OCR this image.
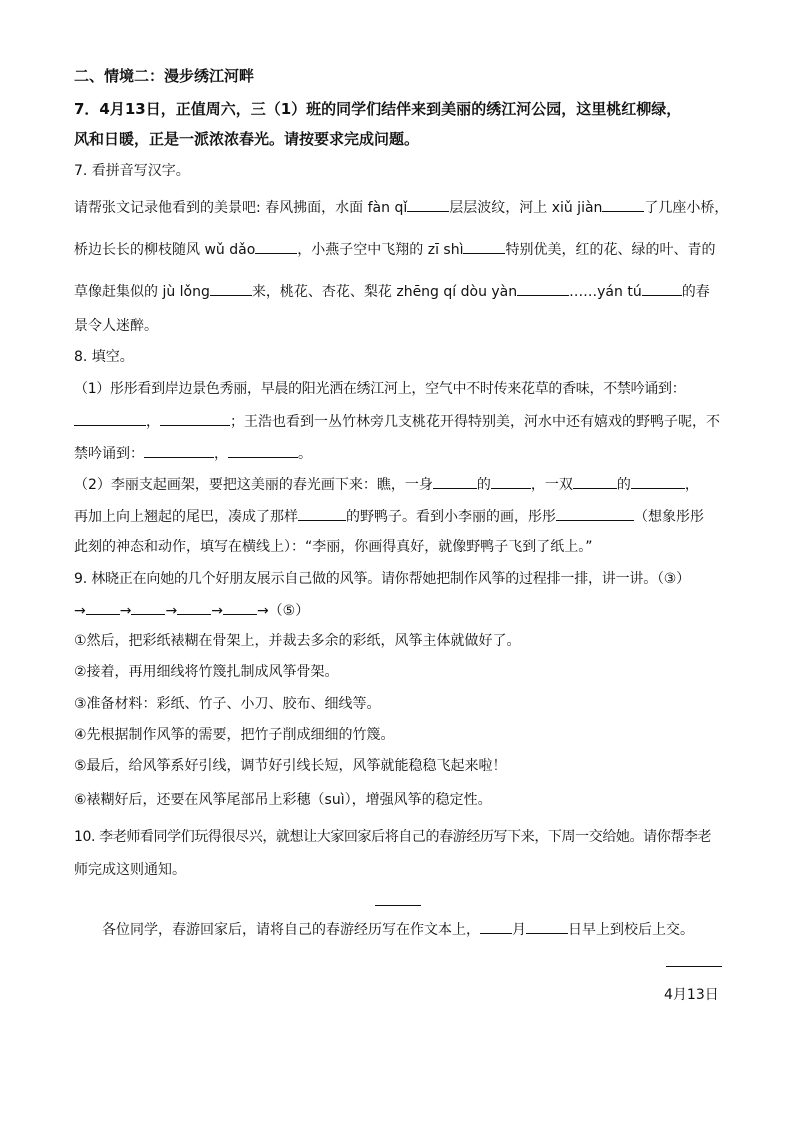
二、情境二：漫步绣江河畔
7．4月13日，正值周六，三（1）班的同学们结伴来到美丽的绣江河公园，这里桃红柳绿，
风和日暖，正是一派浓浓春光。请按要求完成问题。
7. 看拼音写汉字。
请帮张文记录他看到的美景吧: 春风拂面，水面 fàn qǐ	层层波纹，河上 xiǔ jiàn	了几座小桥，
桥边长长的柳枝随风 wǔ dǎo	，小燕子空中飞翔的 zī shì	特别优美，红的花、绿的叶、青的
草像赶集似的 jù lǒng	来，桃花、杏花、梨花 zhēng qí dòu yàn	……yán tú	的春
景令人迷醉。
8. 填空。
（1）彤彤看到岸边景色秀丽，早晨的阳光洒在绣江河上，空气中不时传来花草的香味，不禁吟诵到：
，	；王浩也看到一丛竹林旁几支桃花开得特别美，河水中还有嬉戏的野鸭子呢，不
禁吟诵到：	，	。
（2）李丽支起画架，要把这美丽的春光画下来：瞧，一身	的	，一双	的	，
再加上向上翘起的尾巴，凑成了那样	的野鸭子。看到小李丽的画，彤彤	（想象彤彤
此刻的神态和动作，填写在横线上）：“李丽，你画得真好，就像野鸭子飞到了纸上。”
9. 林晓正在向她的几个好朋友展示自己做的风筝。请你帮她把制作风筝的过程排一排，讲一讲。（③）
→ → → → →（⑤）
①然后，把彩纸裱糊在骨架上，并裁去多余的彩纸，风筝主体就做好了。
②接着，再用细线将竹篾扎制成风筝骨架。
③准备材料：彩纸、竹子、小刀、胶布、细线等。
④先根据制作风筝的需要，把竹子削成细细的竹篾。
⑤最后，给风筝系好引线，调节好引线长短，风筝就能稳稳飞起来啦！
⑥裱糊好后，还要在风筝尾部吊上彩穗（suì），增强风筝的稳定性。
10. 李老师看同学们玩得很尽兴，就想让大家回家后将自己的春游经历写下来，下周一交给她。请你帮李老
师完成这则通知。
各位同学，春游回家后，请将自己的春游经历写在作文本上， 月	日早上到校后上交。
4月13日
